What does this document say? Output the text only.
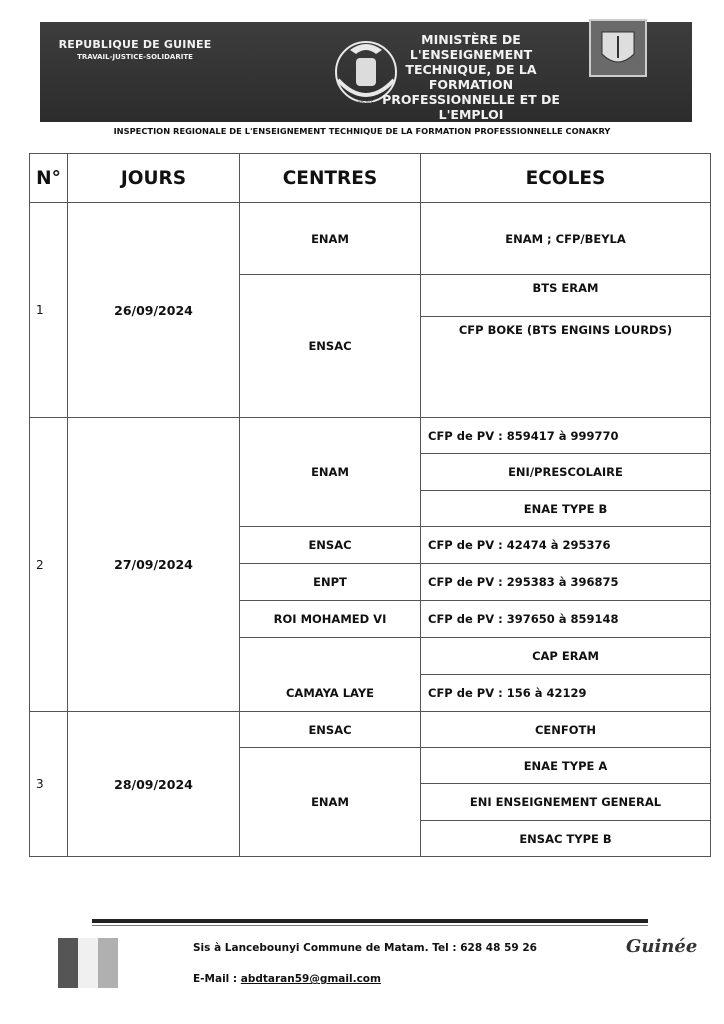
REPUBLIQUE DE GUINEE
TRAVAIL-JUSTICE-SOLIDARITE
JUSTICE
MINISTÈRE DE L'ENSEIGNEMENT
TECHNIQUE, DE LA FORMATION
PROFESSIONNELLE ET DE L'EMPLOI
INSPECTION REGIONALE DE L'ENSEIGNEMENT TECHNIQUE DE LA FORMATION PROFESSIONNELLE CONAKRY
N°	JOURS	CENTRES	ECOLES
1	26/09/2024	ENAM	ENAM ; CFP/BEYLA
		ENSAC	BTS ERAM
			CFP BOKE (BTS ENGINS LOURDS)
2	27/09/2024	ENAM	CFP de PV : 859417 à 999770
			ENI/PRESCOLAIRE
			ENAE TYPE B
		ENSAC	CFP de PV : 42474 à 295376
		ENPT	CFP de PV : 295383 à 396875
		ROI MOHAMED VI	CFP de PV : 397650 à 859148
		CAMAYA LAYE	CAP ERAM
			CFP de PV : 156 à 42129

3	28/09/2024	ENSAC	CENFOTH
		ENAM	ENAE TYPE A
			ENI ENSEIGNEMENT GENERAL
			ENSAC TYPE B
Sis à Lancebounyi Commune de Matam. Tel : 628 48 59 26
E-Mail : abdtaran59@gmail.com
Guinée
